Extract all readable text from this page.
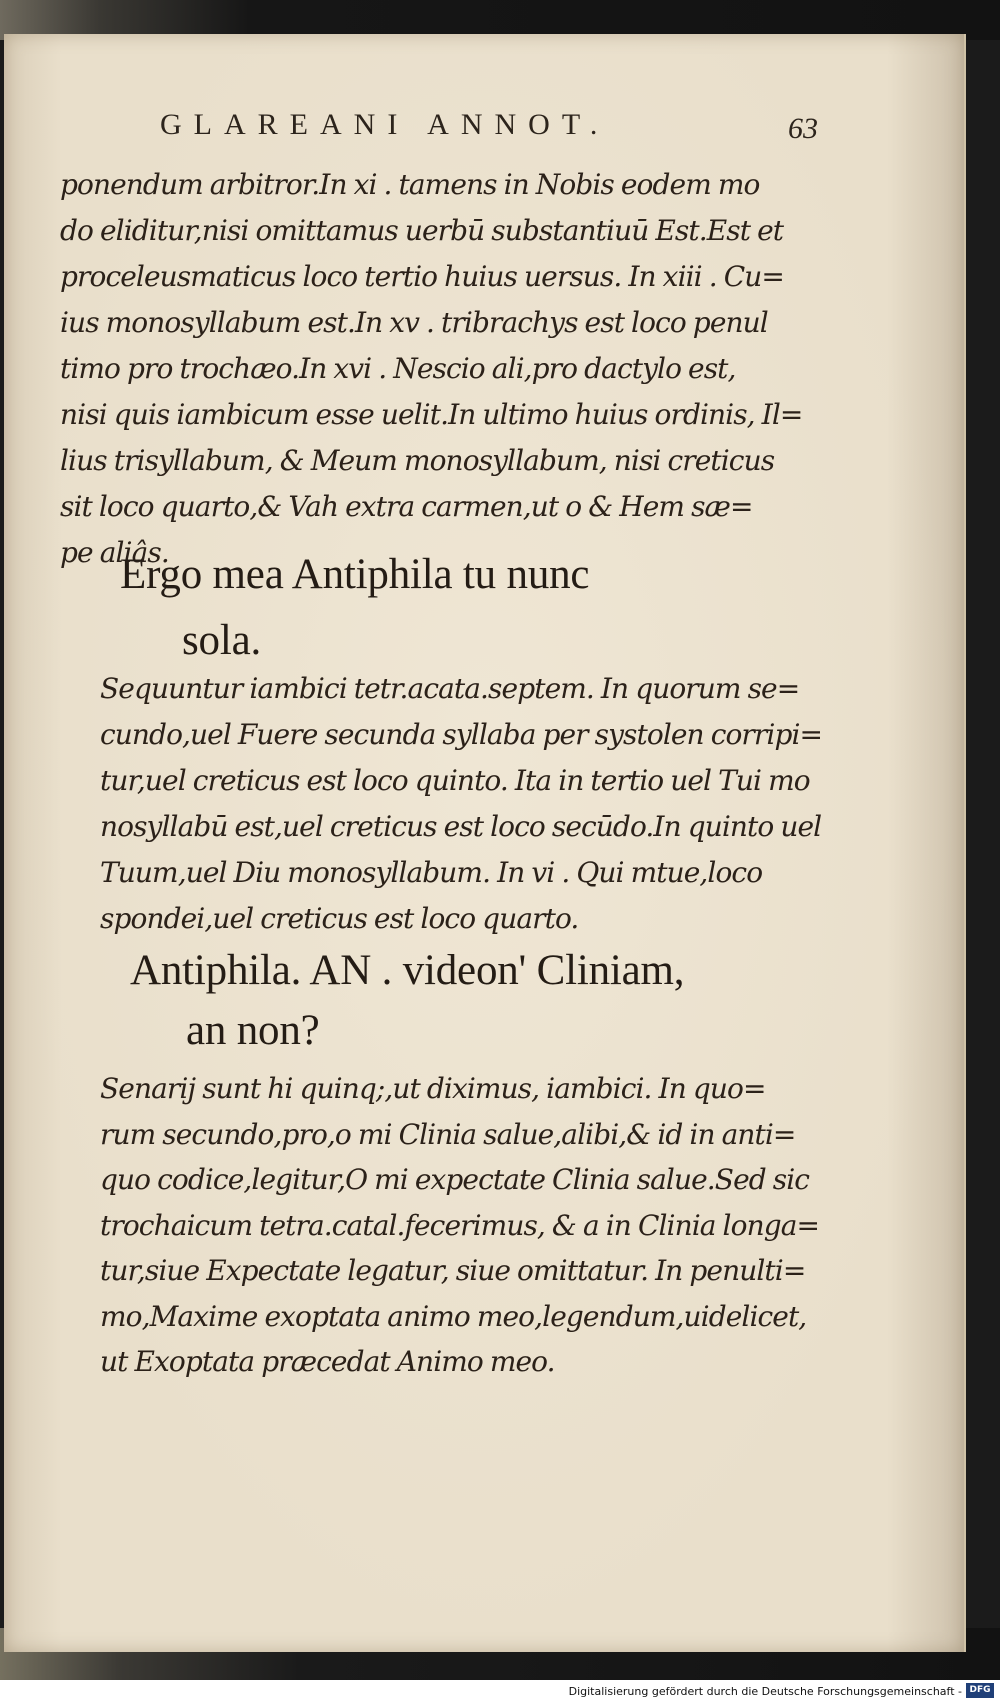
GLAREANI ANNOT.	63
ponendum arbitror.In xi . tamens in Nobis eodem mo
do eliditur,nisi omittamus uerbū substantiuū Est.Est et
proceleusmaticus loco tertio huius uersus. In xiii . Cu=
ius monosyllabum est.In xv . tribrachys est loco penul
timo pro trochæo.In xvi . Nescio ali,pro dactylo est,
nisi quis iambicum esse uelit.In ultimo huius ordinis, Il=
lius trisyllabum, & Meum monosyllabum, nisi creticus
sit loco quarto,& Vah extra carmen,ut o & Hem sæ=
pe aliâs.

Ergo mea Antiphila tu nunc

sola.

Sequuntur iambici tetr.acata.septem. In quorum se=
cundo,uel Fuere secunda syllaba per systolen corripi=
tur,uel creticus est loco quinto. Ita in tertio uel Tui mo
nosyllabū est,uel creticus est loco secūdo.In quinto uel
Tuum,uel Diu monosyllabum. In vi . Qui mtue,loco
spondei,uel creticus est loco quarto.

Antiphila. AN . videon' Cliniam,

an non?

Senarij sunt hi quinq;,ut diximus, iambici. In quo=
rum secundo,pro,o mi Clinia salue,alibi,& id in anti=
quo codice,legitur,O mi expectate Clinia salue.Sed sic
trochaicum tetra.catal.fecerimus, & a in Clinia longa=
tur,siue Expectate legatur, siue omittatur. In penulti=
mo,Maxime exoptata animo meo,legendum,uidelicet,
ut Exoptata præcedat Animo meo.
Digitalisierung gefördert durch die Deutsche Forschungsgemeinschaft - DFG
